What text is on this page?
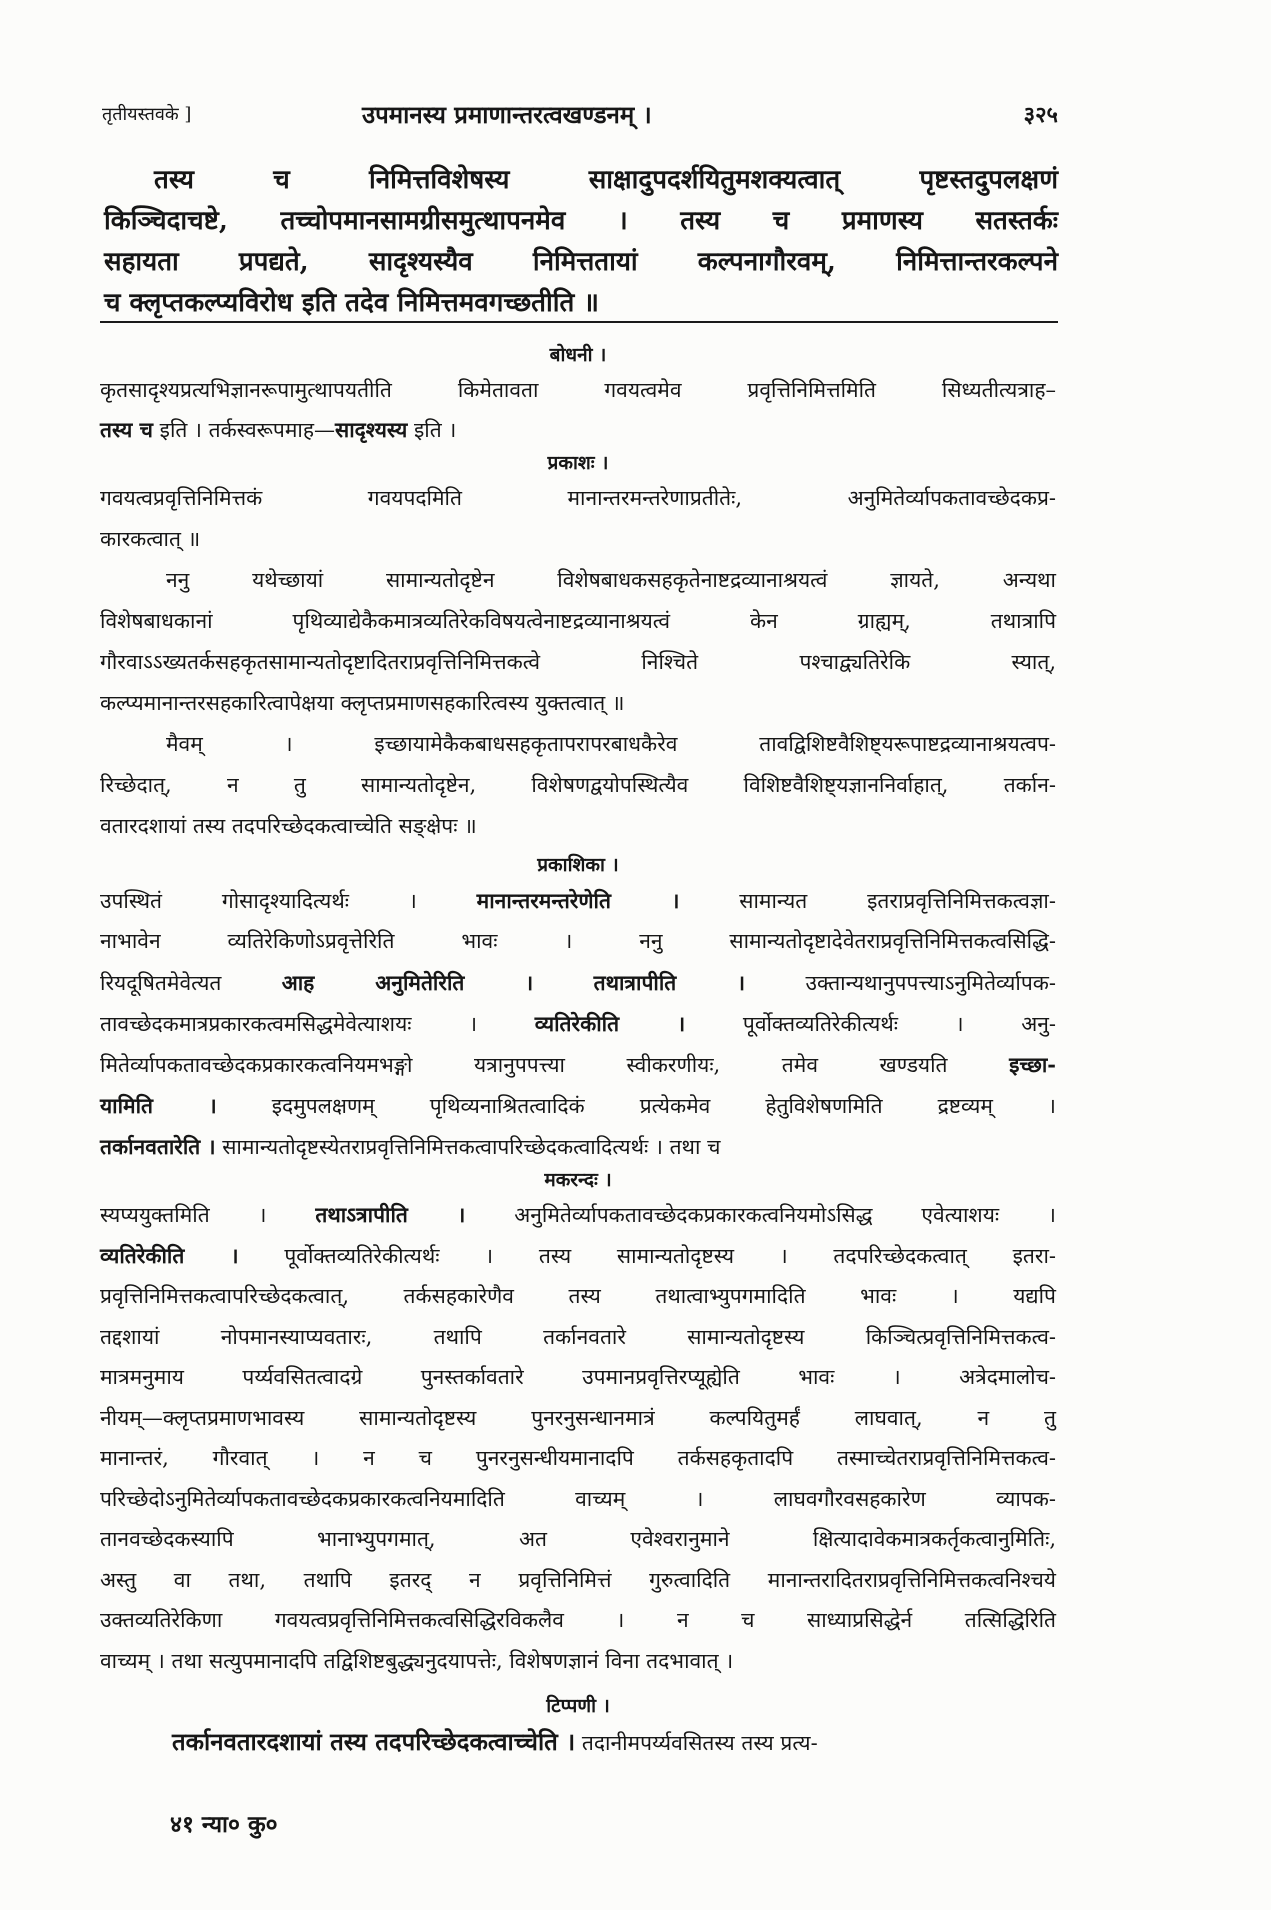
तृतीयस्तवके ]	उपमानस्य प्रमाणान्तरत्वखण्डनम् ।	३२५
तस्य च निमित्तविशेषस्य साक्षादुपदर्शयितुमशक्यत्वात् पृष्टस्तदुपलक्षणं
किञ्चिदाचष्टे, तच्चोपमानसामग्रीसमुत्थापनमेव । तस्य च प्रमाणस्य सतस्तर्कः
सहायता प्रपद्यते, सादृश्यस्यैव निमित्ततायां कल्पनागौरवम्, निमित्तान्तरकल्पने
च क्लृप्तकल्प्यविरोध इति तदेव निमित्तमवगच्छतीति ॥
बोधनी ।
कृतसादृश्यप्रत्यभिज्ञानरूपामुत्थापयतीति किमेतावता गवयत्वमेव प्रवृत्तिनिमित्तमिति सिध्यतीत्यत्राह–
तस्य च इति । तर्कस्वरूपमाह—सादृश्यस्य इति ।
प्रकाशः ।
गवयत्वप्रवृत्तिनिमित्तकं गवयपदमिति मानान्तरमन्तरेणाप्रतीतेः, अनुमितेर्व्यापकतावच्छेदकप्र-
कारकत्वात् ॥
ननु यथेच्छायां सामान्यतोदृष्टेन विशेषबाधकसहकृतेनाष्टद्रव्यानाश्रयत्वं ज्ञायते, अन्यथा
विशेषबाधकानां पृथिव्याद्येकैकमात्रव्यतिरेकविषयत्वेनाष्टद्रव्यानाश्रयत्वं केन ग्राह्यम्, तथात्रापि
गौरवाऽऽख्यतर्कसहकृतसामान्यतोदृष्टादितराप्रवृत्तिनिमित्तकत्वे निश्चिते पश्चाद्व्यतिरेकि स्यात्,
कल्प्यमानान्तरसहकारित्वापेक्षया क्लृप्तप्रमाणसहकारित्वस्य युक्तत्वात् ॥
मैवम् । इच्छायामेकैकबाधसहकृतापरापरबाधकैरेव तावद्विशिष्टवैशिष्ट्यरूपाष्टद्रव्यानाश्रयत्वप-
रिच्छेदात्, न तु सामान्यतोदृष्टेन, विशेषणद्वयोपस्थित्यैव विशिष्टवैशिष्ट्यज्ञाननिर्वाहात्, तर्कान-
वतारदशायां तस्य तदपरिच्छेदकत्वाच्चेति सङ्क्षेपः ॥
प्रकाशिका ।
उपस्थितं गोसादृश्यादित्यर्थः । मानान्तरमन्तरेणेति । सामान्यत इतराप्रवृत्तिनिमित्तकत्वज्ञा-
नाभावेन व्यतिरेकिणोऽप्रवृत्तेरिति भावः । ननु सामान्यतोदृष्टादेवेतराप्रवृत्तिनिमित्तकत्वसिद्धि-
रियदूषितमेवेत्यत आह अनुमितेरिति ।	तथात्रापीति । उक्तान्यथानुपपत्त्याऽनुमितेर्व्यापक-
तावच्छेदकमात्रप्रकारकत्वमसिद्धमेवेत्याशयः । व्यतिरेकीति । पूर्वोक्तव्यतिरेकीत्यर्थः । अनु-
मितेर्व्यापकतावच्छेदकप्रकारकत्वनियमभङ्गो यत्रानुपपत्त्या स्वीकरणीयः, तमेव खण्डयति इच्छा-
यामिति । इदमुपलक्षणम् पृथिव्यनाश्रितत्वादिकं प्रत्येकमेव हेतुविशेषणमिति द्रष्टव्यम् ।
तर्कानवतारेति । सामान्यतोदृष्टस्येतराप्रवृत्तिनिमित्तकत्वापरिच्छेदकत्वादित्यर्थः । तथा च
मकरन्दः ।
स्यप्ययुक्तमिति । तथाऽत्रापीति । अनुमितेर्व्यापकतावच्छेदकप्रकारकत्वनियमोऽसिद्ध एवेत्याशयः ।
व्यतिरेकीति । पूर्वोक्तव्यतिरेकीत्यर्थः । तस्य सामान्यतोदृष्टस्य । तदपरिच्छेदकत्वात् इतरा-
प्रवृत्तिनिमित्तकत्वापरिच्छेदकत्वात्, तर्कसहकारेणैव तस्य तथात्वाभ्युपगमादिति भावः । यद्यपि
तद्दशायां नोपमानस्याप्यवतारः, तथापि तर्कानवतारे सामान्यतोदृष्टस्य किञ्चित्प्रवृत्तिनिमित्तकत्व-
मात्रमनुमाय पर्य्यवसितत्वादग्रे पुनस्तर्कावतारे उपमानप्रवृत्तिरप्यूह्येति भावः । अत्रेदमालोच-
नीयम्—क्लृप्तप्रमाणभावस्य सामान्यतोदृष्टस्य पुनरनुसन्धानमात्रं कल्पयितुमर्हं लाघवात्, न तु
मानान्तरं, गौरवात् । न च पुनरनुसन्धीयमानादपि तर्कसहकृतादपि तस्माच्चेतराप्रवृत्तिनिमित्तकत्व-
परिच्छेदोऽनुमितेर्व्यापकतावच्छेदकप्रकारकत्वनियमादिति वाच्यम् । लाघवगौरवसहकारेण व्यापक-
तानवच्छेदकस्यापि भानाभ्युपगमात्, अत एवेश्वरानुमाने क्षित्यादावेकमात्रकर्तृकत्वानुमितिः,
अस्तु वा तथा, तथापि इतरद् न प्रवृत्तिनिमित्तं गुरुत्वादिति मानान्तरादितराप्रवृत्तिनिमित्तकत्वनिश्चये
उक्तव्यतिरेकिणा गवयत्वप्रवृत्तिनिमित्तकत्वसिद्धिरविकलैव । न च साध्याप्रसिद्धेर्न तत्सिद्धिरिति
वाच्यम् । तथा सत्युपमानादपि तद्विशिष्टबुद्ध्यनुदयापत्तेः, विशेषणज्ञानं विना तदभावात् ।
टिप्पणी ।
तर्कानवतारदशायां तस्य तदपरिच्छेदकत्वाच्चेति । तदानीमपर्य्यवसितस्य तस्य प्रत्य-
४१ न्या० कु०
